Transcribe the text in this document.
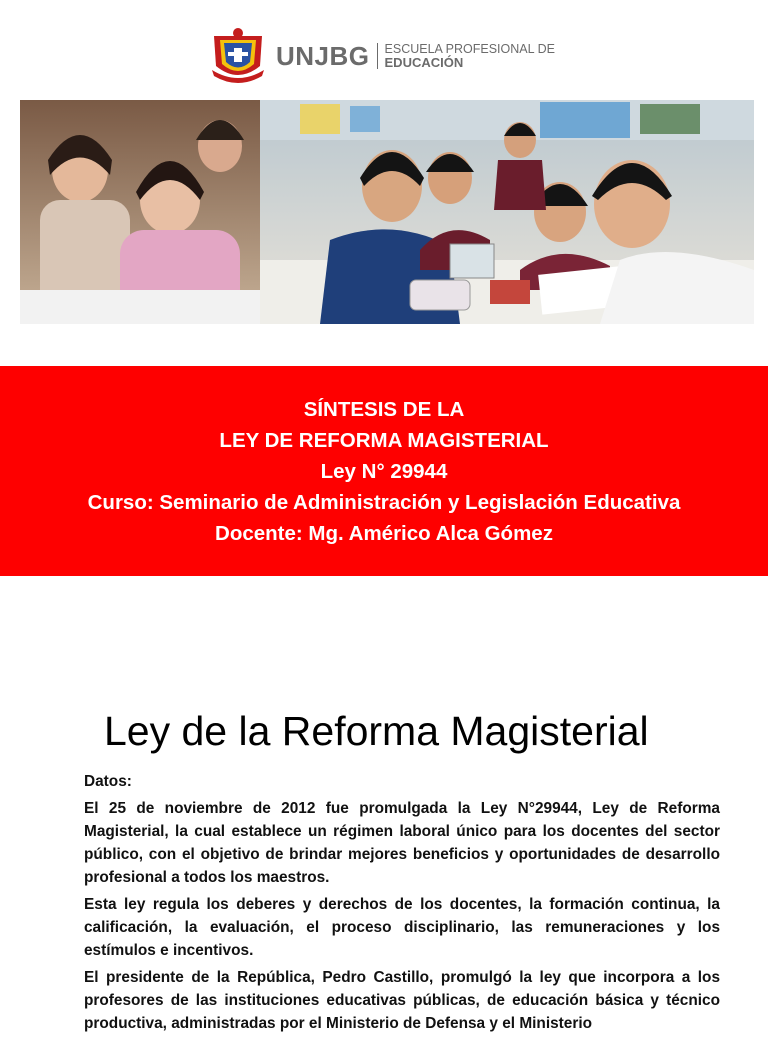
UNJBG ESCUELA PROFESIONAL DE
EDUCACIÓN
SÍNTESIS DE LA
LEY DE REFORMA MAGISTERIAL
Ley N° 29944
Curso: Seminario de Administración y Legislación Educativa
Docente: Mg. Américo Alca Gómez
Ley de la Reforma Magisterial

Datos:

El 25 de noviembre de 2012 fue promulgada la Ley N°29944, Ley de Reforma Magisterial, la cual establece un régimen laboral único para los docentes del sector público, con el objetivo de brindar mejores beneficios y oportunidades de desarrollo profesional a todos los maestros.

Esta ley regula los deberes y derechos de los docentes, la formación continua, la calificación, la evaluación, el proceso disciplinario, las remuneraciones y los estímulos e incentivos.

El presidente de la República, Pedro Castillo, promulgó la ley que incorpora a los profesores de las instituciones educativas públicas, de educación básica y técnico productiva, administradas por el Ministerio de Defensa y el Ministerio
